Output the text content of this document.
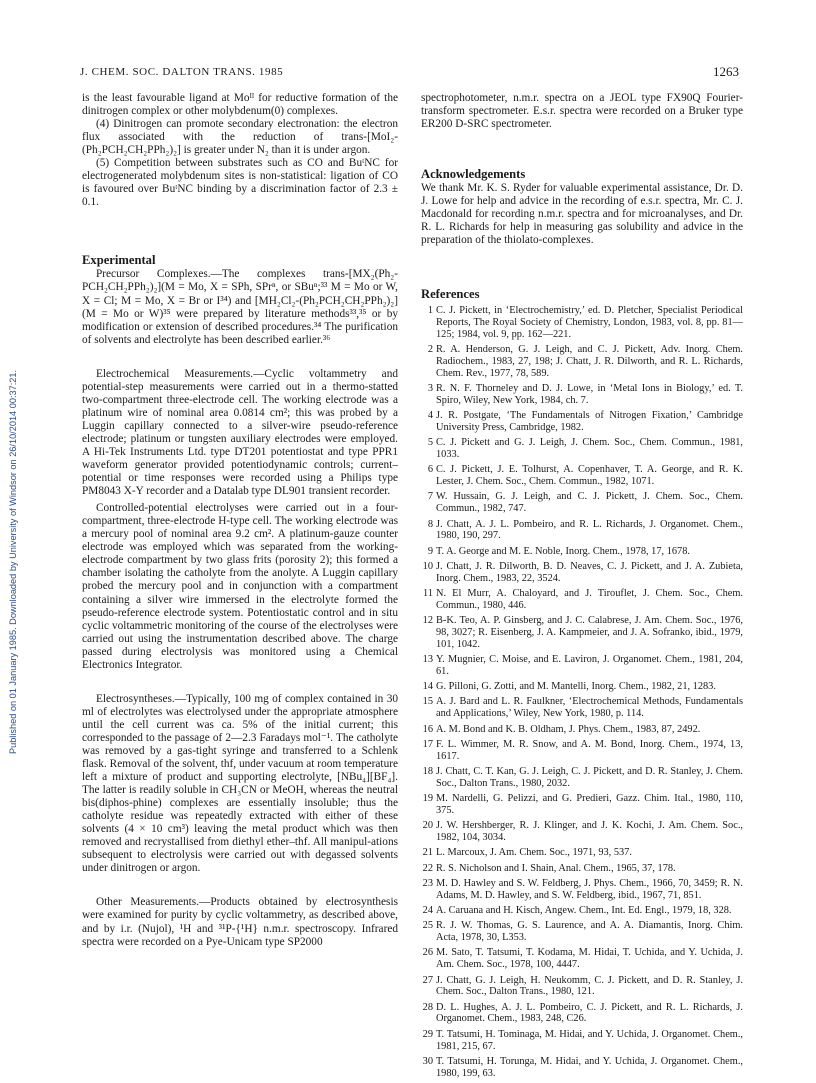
Published on 01 January 1985. Downloaded by University of Windsor on 26/10/2014 00:37:21.
J. CHEM. SOC. DALTON TRANS. 1985	1263

is the least favourable ligand at Moᴵᴵ for reductive formation of the dinitrogen complex or other molybdenum(0) complexes.

(4) Dinitrogen can promote secondary electronation: the electron flux associated with the reduction of trans-[MoI₂-(Ph₂PCH₂CH₂PPh₂)₂] is greater under N₂ than it is under argon.

(5) Competition between substrates such as CO and BuᵗNC for electrogenerated molybdenum sites is non-statistical: ligation of CO is favoured over BuᵗNC binding by a discrimination factor of 2.3 ± 0.1.

Experimental

Precursor Complexes.—The complexes trans-[MX₂(Ph₂-PCH₂CH₂PPh₂)₂](M = Mo, X = SPh, SPrⁿ, or SBuⁿ;³³ M = Mo or W, X = Cl; M = Mo, X = Br or I³⁴) and [MH₂Cl₂-(Ph₂PCH₂CH₂PPh₂)₂] (M = Mo or W)³⁵ were prepared by literature methods³³,³⁵ or by modification or extension of described procedures.³⁴ The purification of solvents and electrolyte has been described earlier.³⁶

Electrochemical Measurements.—Cyclic voltammetry and potential-step measurements were carried out in a thermo-statted two-compartment three-electrode cell. The working electrode was a platinum wire of nominal area 0.0814 cm²; this was probed by a Luggin capillary connected to a silver-wire pseudo-reference electrode; platinum or tungsten auxiliary electrodes were employed. A Hi-Tek Instruments Ltd. type DT201 potentiostat and type PPR1 waveform generator provided potentiodynamic controls; current–potential or time responses were recorded using a Philips type PM8043 X-Y recorder and a Datalab type DL901 transient recorder.

Controlled-potential electrolyses were carried out in a four-compartment, three-electrode H-type cell. The working electrode was a mercury pool of nominal area 9.2 cm². A platinum-gauze counter electrode was employed which was separated from the working-electrode compartment by two glass frits (porosity 2); this formed a chamber isolating the catholyte from the anolyte. A Luggin capillary probed the mercury pool and in conjunction with a compartment containing a silver wire immersed in the electrolyte formed the pseudo-reference electrode system. Potentiostatic control and in situ cyclic voltammetric monitoring of the course of the electrolyses were carried out using the instrumentation described above. The charge passed during electrolysis was monitored using a Chemical Electronics Integrator.

Electrosyntheses.—Typically, 100 mg of complex contained in 30 ml of electrolytes was electrolysed under the appropriate atmosphere until the cell current was ca. 5% of the initial current; this corresponded to the passage of 2—2.3 Faradays mol⁻¹. The catholyte was removed by a gas-tight syringe and transferred to a Schlenk flask. Removal of the solvent, thf, under vacuum at room temperature left a mixture of product and supporting electrolyte, [NBu₄][BF₄]. The latter is readily soluble in CH₃CN or MeOH, whereas the neutral bis(diphos-phine) complexes are essentially insoluble; thus the catholyte residue was repeatedly extracted with either of these solvents (4 × 10 cm³) leaving the metal product which was then removed and recrystallised from diethyl ether–thf. All manipul-ations subsequent to electrolysis were carried out with degassed solvents under dinitrogen or argon.

Other Measurements.—Products obtained by electrosynthesis were examined for purity by cyclic voltammetry, as described above, and by i.r. (Nujol), ¹H and ³¹P-{¹H} n.m.r. spectroscopy. Infrared spectra were recorded on a Pye-Unicam type SP2000

spectrophotometer, n.m.r. spectra on a JEOL type FX90Q Fourier-transform spectrometer. E.s.r. spectra were recorded on a Bruker type ER200 D-SRC spectrometer.

Acknowledgements

We thank Mr. K. S. Ryder for valuable experimental assistance, Dr. D. J. Lowe for help and advice in the recording of e.s.r. spectra, Mr. C. J. Macdonald for recording n.m.r. spectra and for microanalyses, and Dr. R. L. Richards for help in measuring gas solubility and advice in the preparation of the thiolato-complexes.

References
1 C. J. Pickett, in ‘Electrochemistry,’ ed. D. Pletcher, Specialist Periodical Reports, The Royal Society of Chemistry, London, 1983, vol. 8, pp. 81—125; 1984, vol. 9, pp. 162—221.
2 R. A. Henderson, G. J. Leigh, and C. J. Pickett, Adv. Inorg. Chem. Radiochem., 1983, 27, 198; J. Chatt, J. R. Dilworth, and R. L. Richards, Chem. Rev., 1977, 78, 589.
3 R. N. F. Thorneley and D. J. Lowe, in ‘Metal Ions in Biology,’ ed. T. Spiro, Wiley, New York, 1984, ch. 7.
4 J. R. Postgate, ‘The Fundamentals of Nitrogen Fixation,’ Cambridge University Press, Cambridge, 1982.
5 C. J. Pickett and G. J. Leigh, J. Chem. Soc., Chem. Commun., 1981, 1033.
6 C. J. Pickett, J. E. Tolhurst, A. Copenhaver, T. A. George, and R. K. Lester, J. Chem. Soc., Chem. Commun., 1982, 1071.
7 W. Hussain, G. J. Leigh, and C. J. Pickett, J. Chem. Soc., Chem. Commun., 1982, 747.
8 J. Chatt, A. J. L. Pombeiro, and R. L. Richards, J. Organomet. Chem., 1980, 190, 297.
9 T. A. George and M. E. Noble, Inorg. Chem., 1978, 17, 1678.
10 J. Chatt, J. R. Dilworth, B. D. Neaves, C. J. Pickett, and J. A. Zubieta, Inorg. Chem., 1983, 22, 3524.
11 N. El Murr, A. Chaloyard, and J. Tirouflet, J. Chem. Soc., Chem. Commun., 1980, 446.
12 B-K. Teo, A. P. Ginsberg, and J. C. Calabrese, J. Am. Chem. Soc., 1976, 98, 3027; R. Eisenberg, J. A. Kampmeier, and J. A. Sofranko, ibid., 1979, 101, 1042.
13 Y. Mugnier, C. Moise, and E. Laviron, J. Organomet. Chem., 1981, 204, 61.
14 G. Pilloni, G. Zotti, and M. Mantelli, Inorg. Chem., 1982, 21, 1283.
15 A. J. Bard and L. R. Faulkner, ‘Electrochemical Methods, Fundamentals and Applications,’ Wiley, New York, 1980, p. 114.
16 A. M. Bond and K. B. Oldham, J. Phys. Chem., 1983, 87, 2492.
17 F. L. Wimmer, M. R. Snow, and A. M. Bond, Inorg. Chem., 1974, 13, 1617.
18 J. Chatt, C. T. Kan, G. J. Leigh, C. J. Pickett, and D. R. Stanley, J. Chem. Soc., Dalton Trans., 1980, 2032.
19 M. Nardelli, G. Pelizzi, and G. Predieri, Gazz. Chim. Ital., 1980, 110, 375.
20 J. W. Hershberger, R. J. Klinger, and J. K. Kochi, J. Am. Chem. Soc., 1982, 104, 3034.
21 L. Marcoux, J. Am. Chem. Soc., 1971, 93, 537.
22 R. S. Nicholson and I. Shain, Anal. Chem., 1965, 37, 178.
23 M. D. Hawley and S. W. Feldberg, J. Phys. Chem., 1966, 70, 3459; R. N. Adams, M. D. Hawley, and S. W. Feldberg, ibid., 1967, 71, 851.
24 A. Caruana and H. Kisch, Angew. Chem., Int. Ed. Engl., 1979, 18, 328.
25 R. J. W. Thomas, G. S. Laurence, and A. A. Diamantis, Inorg. Chim. Acta, 1978, 30, L353.
26 M. Sato, T. Tatsumi, T. Kodama, M. Hidai, T. Uchida, and Y. Uchida, J. Am. Chem. Soc., 1978, 100, 4447.
27 J. Chatt, G. J. Leigh, H. Neukomm, C. J. Pickett, and D. R. Stanley, J. Chem. Soc., Dalton Trans., 1980, 121.
28 D. L. Hughes, A. J. L. Pombeiro, C. J. Pickett, and R. L. Richards, J. Organomet. Chem., 1983, 248, C26.
29 T. Tatsumi, H. Tominaga, M. Hidai, and Y. Uchida, J. Organomet. Chem., 1981, 215, 67.
30 T. Tatsumi, H. Torunga, M. Hidai, and Y. Uchida, J. Organomet. Chem., 1980, 199, 63.
